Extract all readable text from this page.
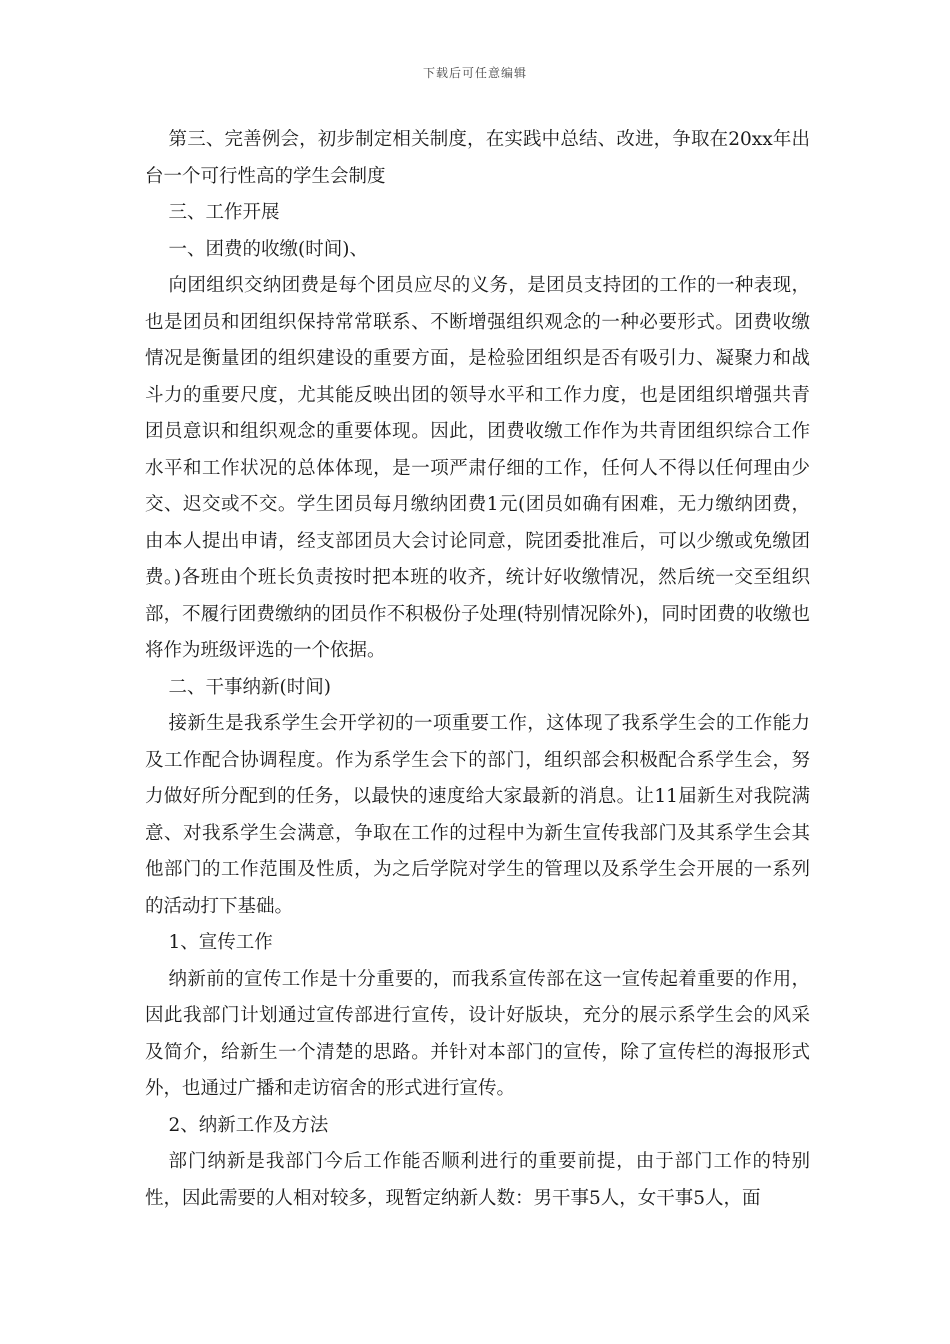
下载后可任意编辑

第三、完善例会，初步制定相关制度，在实践中总结、改进，争取在20xx年出台一个可行性高的学生会制度

三、工作开展

一、团费的收缴(时间)、

向团组织交纳团费是每个团员应尽的义务，是团员支持团的工作的一种表现，也是团员和团组织保持常常联系、不断增强组织观念的一种必要形式。团费收缴情况是衡量团的组织建设的重要方面，是检验团组织是否有吸引力、凝聚力和战斗力的重要尺度，尤其能反映出团的领导水平和工作力度，也是团组织增强共青团员意识和组织观念的重要体现。因此，团费收缴工作作为共青团组织综合工作水平和工作状况的总体体现，是一项严肃仔细的工作，任何人不得以任何理由少交、迟交或不交。学生团员每月缴纳团费1元(团员如确有困难，无力缴纳团费，由本人提出申请，经支部团员大会讨论同意，院团委批准后，可以少缴或免缴团费。)各班由个班长负责按时把本班的收齐，统计好收缴情况，然后统一交至组织部，不履行团费缴纳的团员作不积极份子处理(特别情况除外)，同时团费的收缴也将作为班级评选的一个依据。

二、干事纳新(时间)

接新生是我系学生会开学初的一项重要工作，这体现了我系学生会的工作能力及工作配合协调程度。作为系学生会下的部门，组织部会积极配合系学生会，努力做好所分配到的任务，以最快的速度给大家最新的消息。让11届新生对我院满意、对我系学生会满意，争取在工作的过程中为新生宣传我部门及其系学生会其他部门的工作范围及性质，为之后学院对学生的管理以及系学生会开展的一系列的活动打下基础。

1、宣传工作

纳新前的宣传工作是十分重要的，而我系宣传部在这一宣传起着重要的作用，因此我部门计划通过宣传部进行宣传，设计好版块，充分的展示系学生会的风采及简介，给新生一个清楚的思路。并针对本部门的宣传，除了宣传栏的海报形式外，也通过广播和走访宿舍的形式进行宣传。

2、纳新工作及方法

部门纳新是我部门今后工作能否顺利进行的重要前提，由于部门工作的特别性，因此需要的人相对较多，现暂定纳新人数：男干事5人，女干事5人，面
